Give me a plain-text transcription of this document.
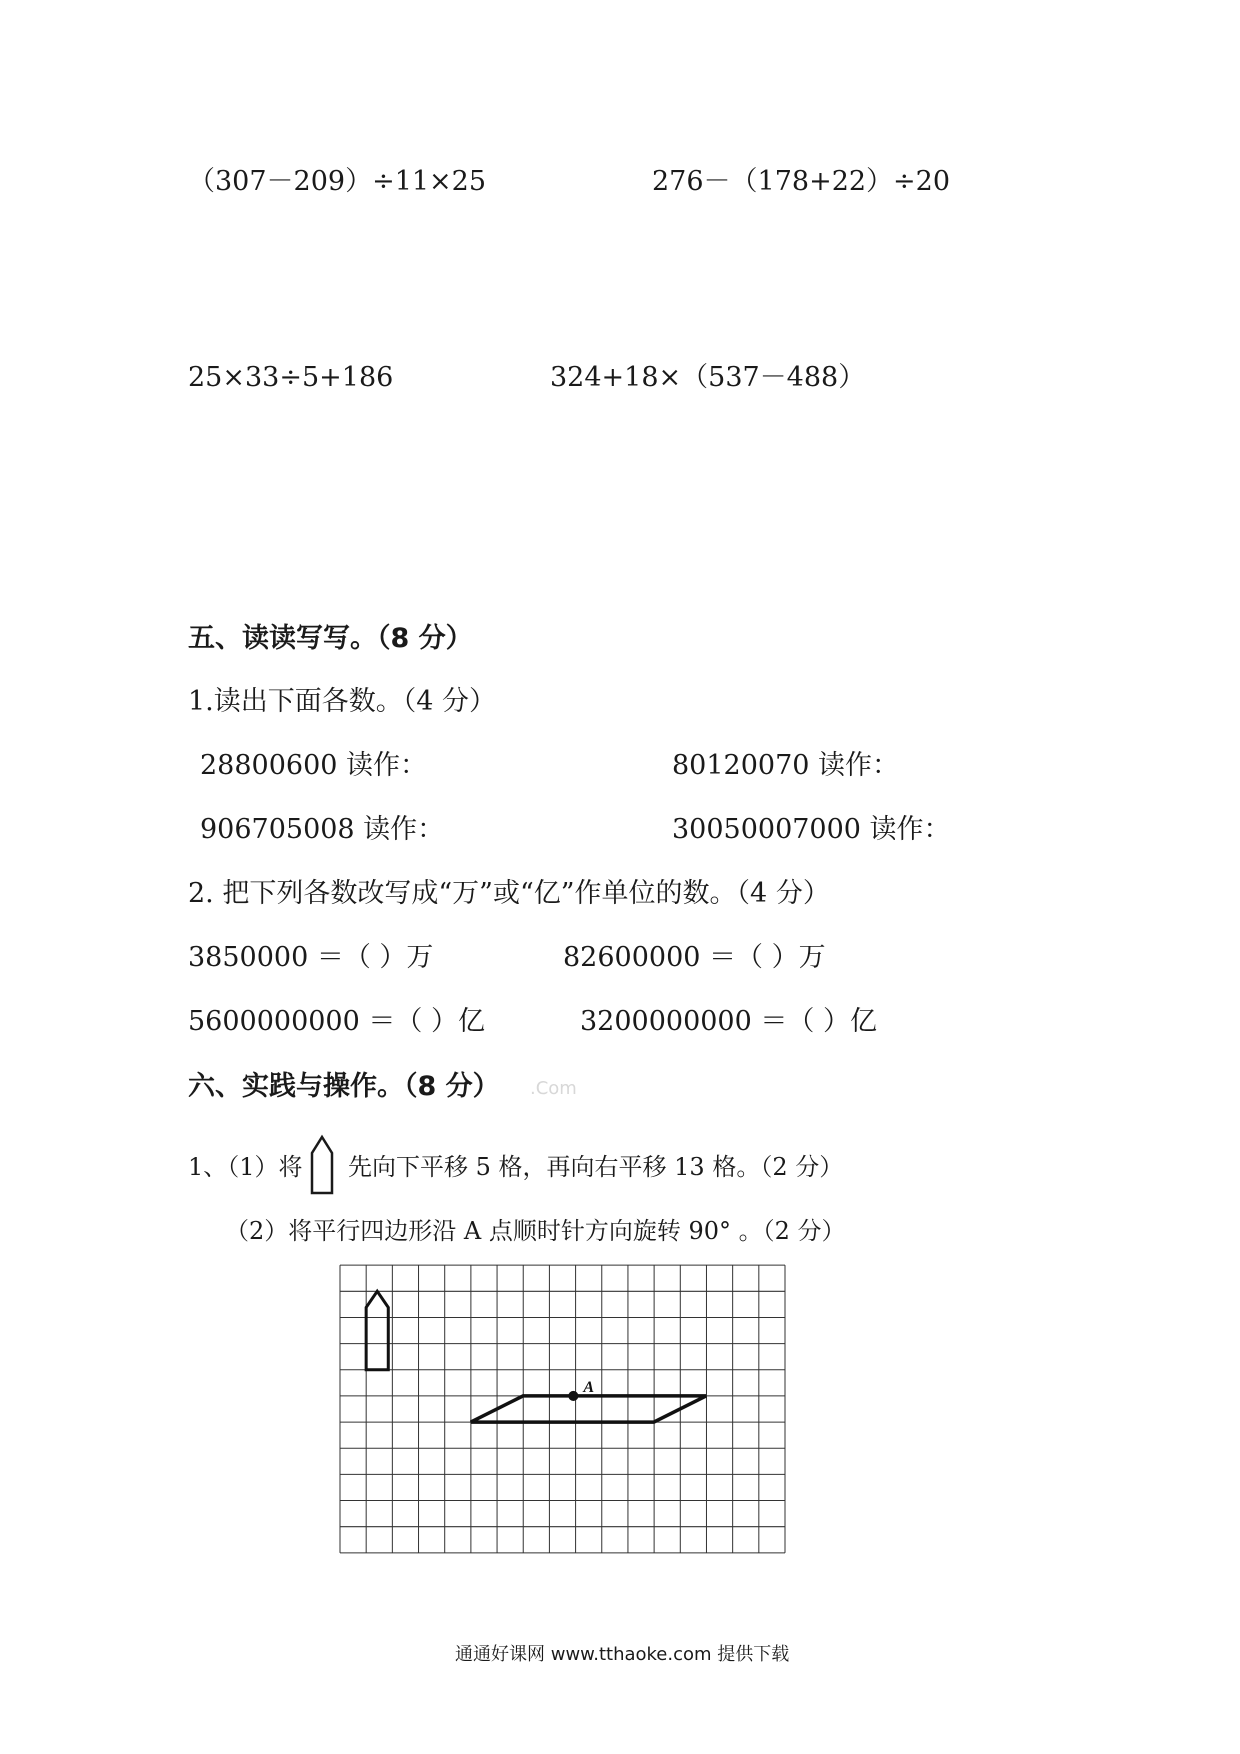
（307－209）÷11×25	276－（178+22）÷20
25×33÷5+186	324+18×（537－488）
五、读读写写。（8 分）
1.读出下面各数。（4 分）
28800600 读作：	80120070 读作：
906705008 读作：	30050007000 读作：
2. 把下列各数改写成“万”或“亿”作单位的数。（4 分）
3850000 ＝（ ）万	82600000 ＝（ ）万
5600000000 ＝（ ）亿	3200000000 ＝（ ）亿
六、实践与操作。（8 分） .Com
1、（1）将 先向下平移 5 格，再向右平移 13 格。（2 分）
（2）将平行四边形沿 A 点顺时针方向旋转 90° 。（2 分）
A
通通好课网 www.tthaoke.com 提供下载
